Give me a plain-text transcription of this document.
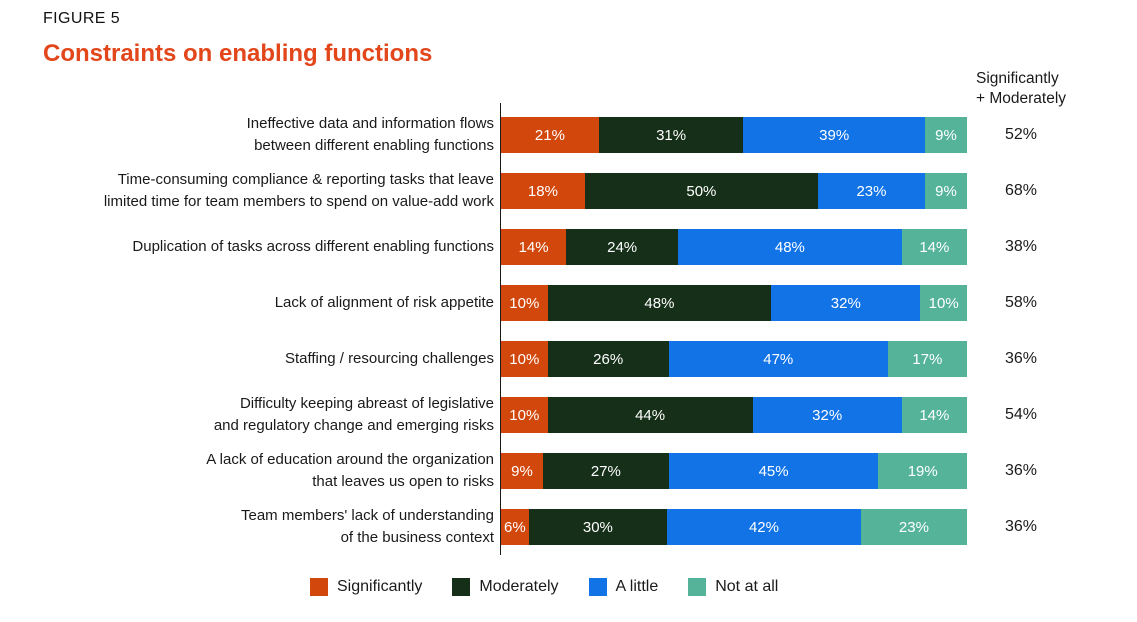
FIGURE 5
Constraints on enabling functions
Significantly
+ Moderately
Ineffective data and information flows
between different enabling functions
21%	31%	39%	9%	52%
Time-consuming compliance & reporting tasks that leave
limited time for team members to spend on value-add work
18%	50%	23%	9%	68%
Duplication of tasks across different enabling functions 14%	24%	48%	14%	38%
Lack of alignment of risk appetite 10%	48%	32%	10%	58%
Staffing / resourcing challenges 10%	26%	47%	17%	36%
Difficulty keeping abreast of legislative
and regulatory change and emerging risks
10%	44%	32%	14%	54%
A lack of education around the organization
that leaves us open to risks
9%	27%	45%	19%	36%
Team members' lack of understanding
of the business context
6%	30%	42%	23%	36%
Significantly	Moderately	A little	Not at all
